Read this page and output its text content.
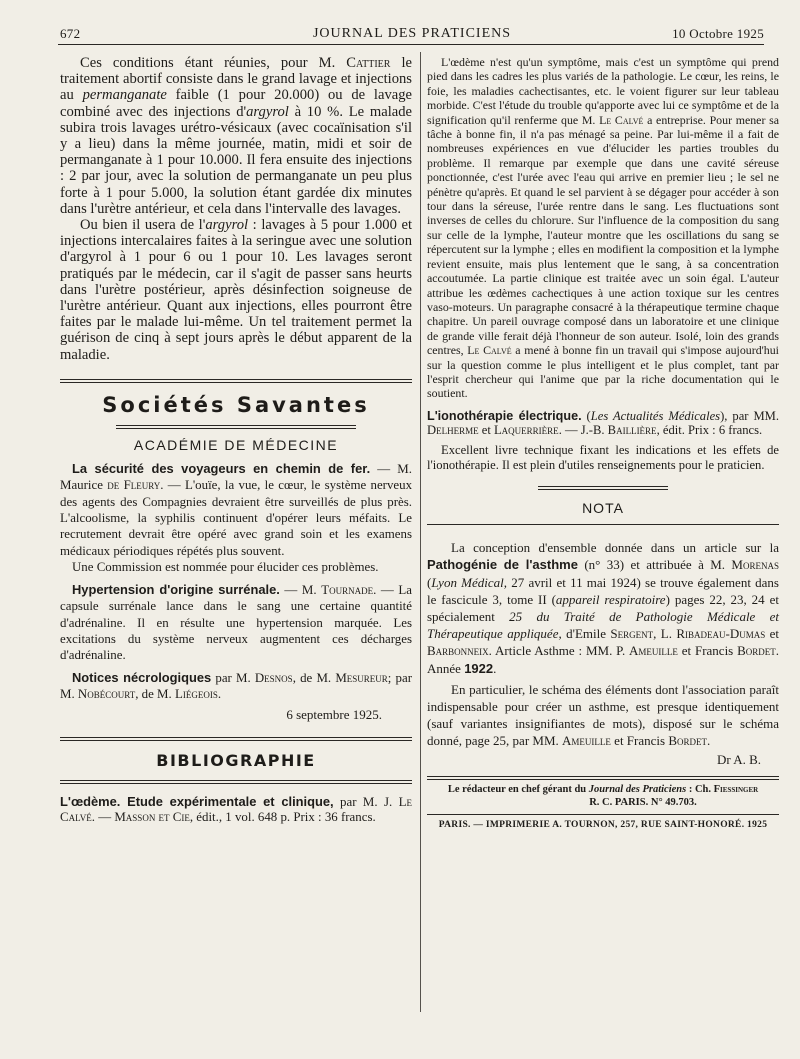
672	JOURNAL DES PRATICIENS	10 Octobre 1925

Ces conditions étant réunies, pour M. Cattier le traitement abortif consiste dans le grand lavage et injections au permanganate faible (1 pour 20.000) ou de lavage combiné avec des injections d'argyrol à 10 %. Le malade subira trois lavages urétro-vésicaux (avec cocaïnisation s'il y a lieu) dans la même journée, matin, midi et soir de permanganate à 1 pour 10.000. Il fera ensuite des injections : 2 par jour, avec la solution de permanganate un peu plus forte à 1 pour 5.000, la solution étant gardée dix minutes dans l'urètre antérieur, et cela dans l'intervalle des lavages.

Ou bien il usera de l'argyrol : lavages à 5 pour 1.000 et injections intercalaires faites à la seringue avec une solution d'argyrol à 1 pour 6 ou 1 pour 10. Les lavages seront pratiqués par le médecin, car il s'agit de passer sans heurts dans l'urètre postérieur, après désinfection soigneuse de l'urètre antérieur. Quant aux injections, elles pourront être faites par le malade lui-même. Un tel traitement permet la guérison de cinq à sept jours après le début apparent de la maladie.

Sociétés Savantes
ACADÉMIE DE MÉDECINE

La sécurité des voyageurs en chemin de fer. — M. Maurice de Fleury. — L'ouïe, la vue, le cœur, le système nerveux des agents des Compagnies devraient être surveillés de plus près. L'alcoolisme, la syphilis continuent d'opérer leurs méfaits. Le recrutement devrait être opéré avec grand soin et les examens médicaux périodiques répétés plus souvent.

Une Commission est nommée pour élucider ces problèmes.

Hypertension d'origine surrénale. — M. Tournade. — La capsule surrénale lance dans le sang une certaine quantité d'adrénaline. Il en résulte une hypertension marquée. Les excitations du système nerveux augmentent ces décharges d'adrénaline.

Notices nécrologiques par M. Desnos, de M. Mesureur; par M. Nobécourt, de M. Liégeois.

6 septembre 1925.
BIBLIOGRAPHIE

L'œdème. Etude expérimentale et clinique, par M. J. Le Calvé. — Masson et Cie, édit., 1 vol. 648 p. Prix : 36 francs.

L'œdème n'est qu'un symptôme, mais c'est un symptôme qui prend pied dans les cadres les plus variés de la pathologie. Le cœur, les reins, le foie, les maladies cachectisantes, etc. le voient figurer sur leur tableau morbide. C'est l'étude du trouble qu'apporte avec lui ce symptôme et de la signification qu'il renferme que M. Le Calvé a entreprise. Pour mener sa tâche à bonne fin, il n'a pas ménagé sa peine. Par lui-même il a fait de nombreuses expériences en vue d'élucider les parties troubles du problème. Il remarque par exemple que dans une cavité séreuse ponctionnée, c'est l'urée avec l'eau qui arrive en premier lieu ; le sel ne pénètre qu'après. Et quand le sel parvient à se dégager pour accéder à son tour dans la séreuse, l'urée rentre dans le sang. Les fluctuations sont inverses de celles du chlorure. Sur l'influence de la composition du sang sur celle de la lymphe, l'auteur montre que les oscillations du sang se répercutent sur la lymphe ; elles en modifient la composition et la lymphe revient ensuite, mais plus lentement que le sang, à sa concentration accoutumée. La partie clinique est traitée avec un soin égal. L'auteur attribue les œdèmes cachectiques à une action toxique sur les centres vaso-moteurs. Un paragraphe consacré à la thérapeutique termine chaque chapitre. Un pareil ouvrage composé dans un laboratoire et une clinique de grande ville ferait déjà l'honneur de son auteur. Isolé, loin des grands centres, Le Calvé a mené à bonne fin un travail qui s'impose aujourd'hui sur la question comme le plus intelligent et le plus complet, tant par l'esprit chercheur qui l'anime que par la riche documentation qui le soutient.

L'ionothérapie électrique. (Les Actualités Médicales), par MM. Delherme et Laquerrière. — J.-B. Baillière, édit. Prix : 6 francs.

Excellent livre technique fixant les indications et les effets de l'ionothérapie. Il est plein d'utiles renseignements pour le praticien.

NOTA

La conception d'ensemble donnée dans un article sur la Pathogénie de l'asthme (n° 33) et attribuée à M. Morenas (Lyon Médical, 27 avril et 11 mai 1924) se trouve également dans le fascicule 3, tome II (appareil respiratoire) pages 22, 23, 24 et spécialement 25 du Traité de Pathologie Médicale et Thérapeutique appliquée, d'Emile Sergent, L. Ribadeau-Dumas et Barbonneix. Article Asthme : MM. P. Ameuille et Francis Bordet. Année 1922.

En particulier, le schéma des éléments dont l'association paraît indispensable pour créer un asthme, est presque identiquement (sauf variantes insignifiantes de mots), disposé sur le schéma donné, page 25, par MM. Ameuille et Francis Bordet.

Dr A. B.
Le rédacteur en chef gérant du Journal des Praticiens : Ch. Fiessinger
R. C. PARIS. N° 49.703.
PARIS. — IMPRIMERIE A. TOURNON, 257, RUE SAINT-HONORÉ. 1925
